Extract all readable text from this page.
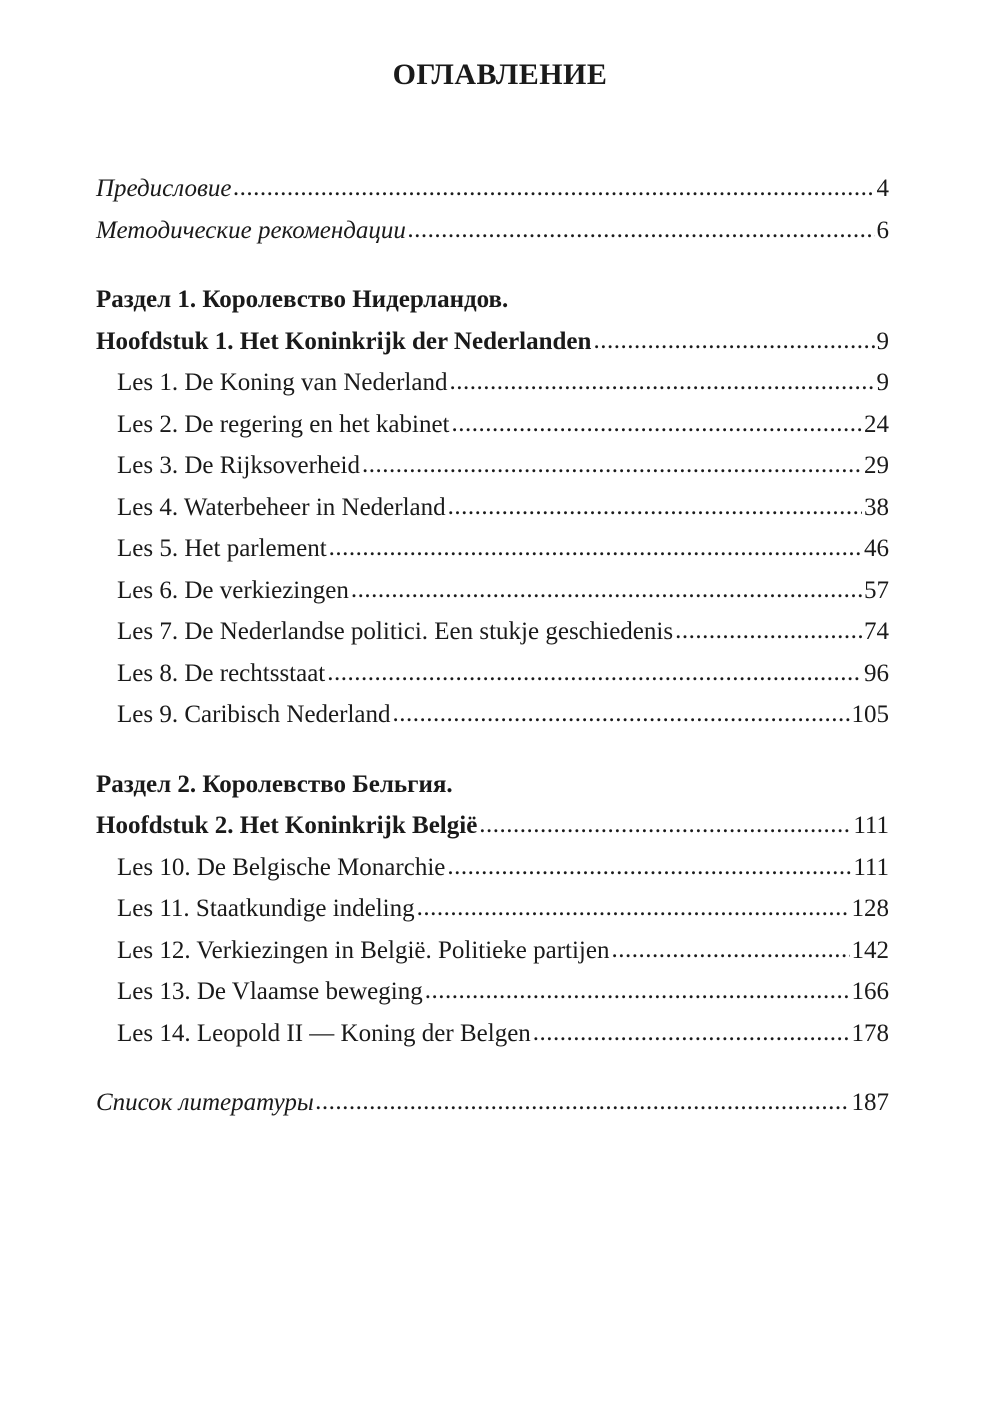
ОГЛАВЛЕНИЕ
Предисловие .....	4
Методические рекомендации .....	6
Раздел 1. Королевство Нидерландов.
Hoofdstuk 1. Het Koninkrijk der Nederlanden .....	9
Les 1. De Koning van Nederland .....	9
Les 2. De regering en het kabinet .....	24
Les 3. De Rijksoverheid .....	29
Les 4. Waterbeheer in Nederland .....	38
Les 5. Het parlement .....	46
Les 6. De verkiezingen .....	57
Les 7. De Nederlandse politici. Een stukje geschiedenis .....	74
Les 8. De rechtsstaat .....	96
Les 9. Caribisch Nederland .....	105
Раздел 2. Королевство Бельгия.
Hoofdstuk 2. Het Koninkrijk België .....	111
Les 10. De Belgische Monarchie .....	111
Les 11. Staatkundige indeling .....	128
Les 12. Verkiezingen in België. Politieke partijen .....	142
Les 13. De Vlaamse beweging .....	166
Les 14. Leopold II — Koning der Belgen .....	178
Список литературы .....	187
